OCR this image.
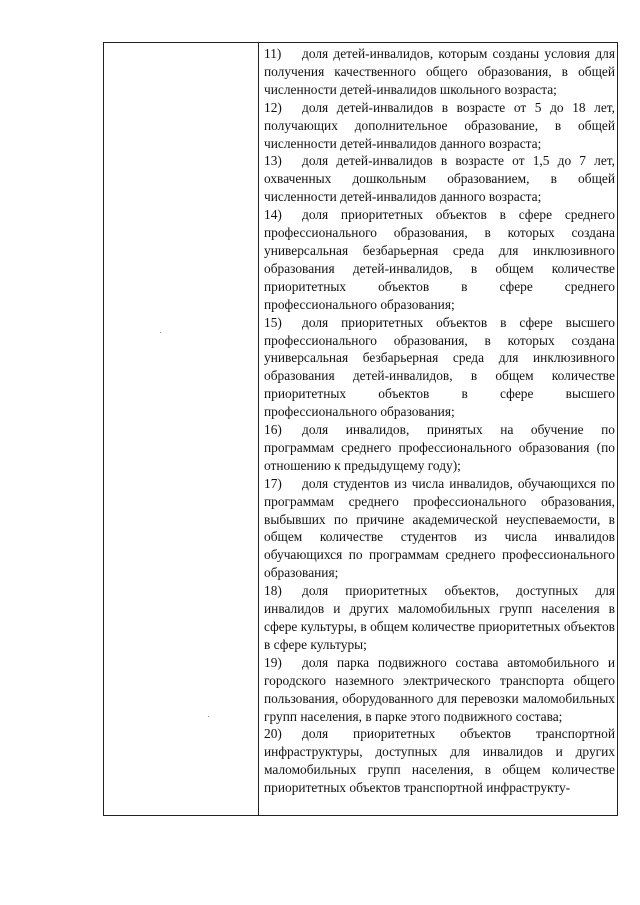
11) доля детей-инвалидов, которым созданы условия для получения качественного общего образования, в общей численности детей-инвалидов школьного возраста;

12) доля детей-инвалидов в возрасте от 5 до 18 лет, получающих дополнительное образование, в общей численности детей-инвалидов данного возраста;

13) доля детей-инвалидов в возрасте от 1,5 до 7 лет, охваченных дошкольным образованием, в общей численности детей-инвалидов данного возраста;

14) доля приоритетных объектов в сфере среднего профессионального образования, в которых создана универсальная безбарьерная среда для инклюзивного образования детей-инвалидов, в общем количестве приоритетных объектов в сфере среднего профессионального образования;

15) доля приоритетных объектов в сфере высшего профессионального образования, в которых создана универсальная безбарьерная среда для инклюзивного образования детей-инвалидов, в общем количестве приоритетных объектов в сфере высшего профессионального образования;

16) доля инвалидов, принятых на обучение по программам среднего профессионального образования (по отношению к предыдущему году);

17) доля студентов из числа инвалидов, обучающихся по программам среднего профессионального образования, выбывших по причине академической неуспеваемости, в общем количестве студентов из числа инвалидов обучающихся по программам среднего профессионального образования;

18) доля приоритетных объектов, доступных для инвалидов и других маломобильных групп населения в сфере культуры, в общем количестве приоритетных объектов в сфере культуры;

19) доля парка подвижного состава автомобильного и городского наземного электрического транспорта общего пользования, оборудованного для перевозки маломобильных групп населения, в парке этого подвижного состава;

20) доля приоритетных объектов транспортной инфраструктуры, доступных для инвалидов и других маломобильных групп населения, в общем количестве приоритетных объектов транспортной инфраструкту-
